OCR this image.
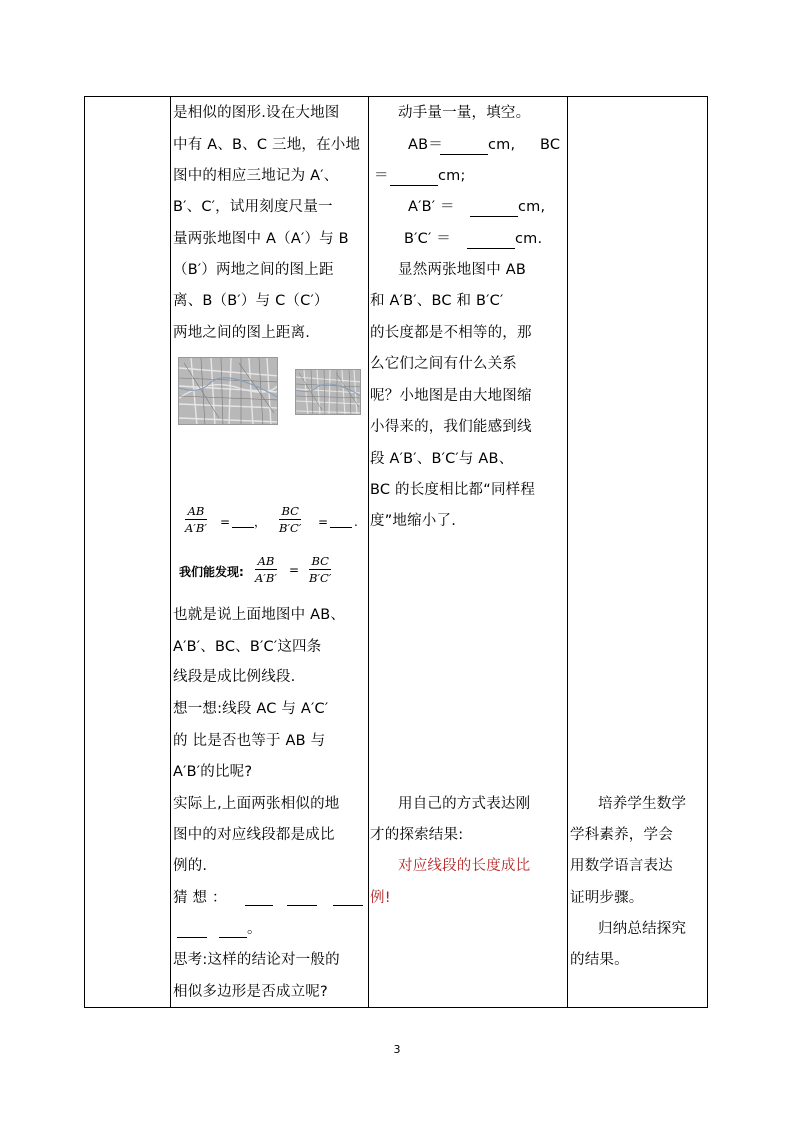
是相似的图形.设在大地图
中有 A、B、C 三地，在小地
图中的相应三地记为 A′、
B′、C′，试用刻度尺量一
量两张地图中 A（A′）与 B
（B′）两地之间的图上距
离、B（B′）与 C（C′）
两地之间的图上距离.
AB
A′B′ = ，
BC
B′C′ = .
我们能发现:
AB
A′B′
=
BC
B′C′
也就是说上面地图中 AB、
A′B′、BC、B′C′这四条
线段是成比例线段.
想一想:线段 AC 与 A′C′
的 比是否也等于 AB 与
A′B′的比呢?
实际上,上面两张相似的地
图中的对应线段都是成比
例的.
猜 想 ：
。
思考:这样的结论对一般的
相似多边形是否成立呢?
动手量一量，填空。
AB＝	cm, BC
＝	cm;
A′B′ ＝	cm,
B′C′ ＝	cm.
显然两张地图中 AB
和 A′B′、BC 和 B′C′
的长度都是不相等的，那
么它们之间有什么关系
呢？小地图是由大地图缩
小得来的，我们能感到线
段 A′B′、B′C′与 AB、
BC 的长度相比都“同样程
度”地缩小了.
用自己的方式表达刚
才的探索结果:
对应线段的长度成比
例!
培养学生数学
学科素养，学会
用数学语言表达
证明步骤。
归纳总结探究
的结果。
3
